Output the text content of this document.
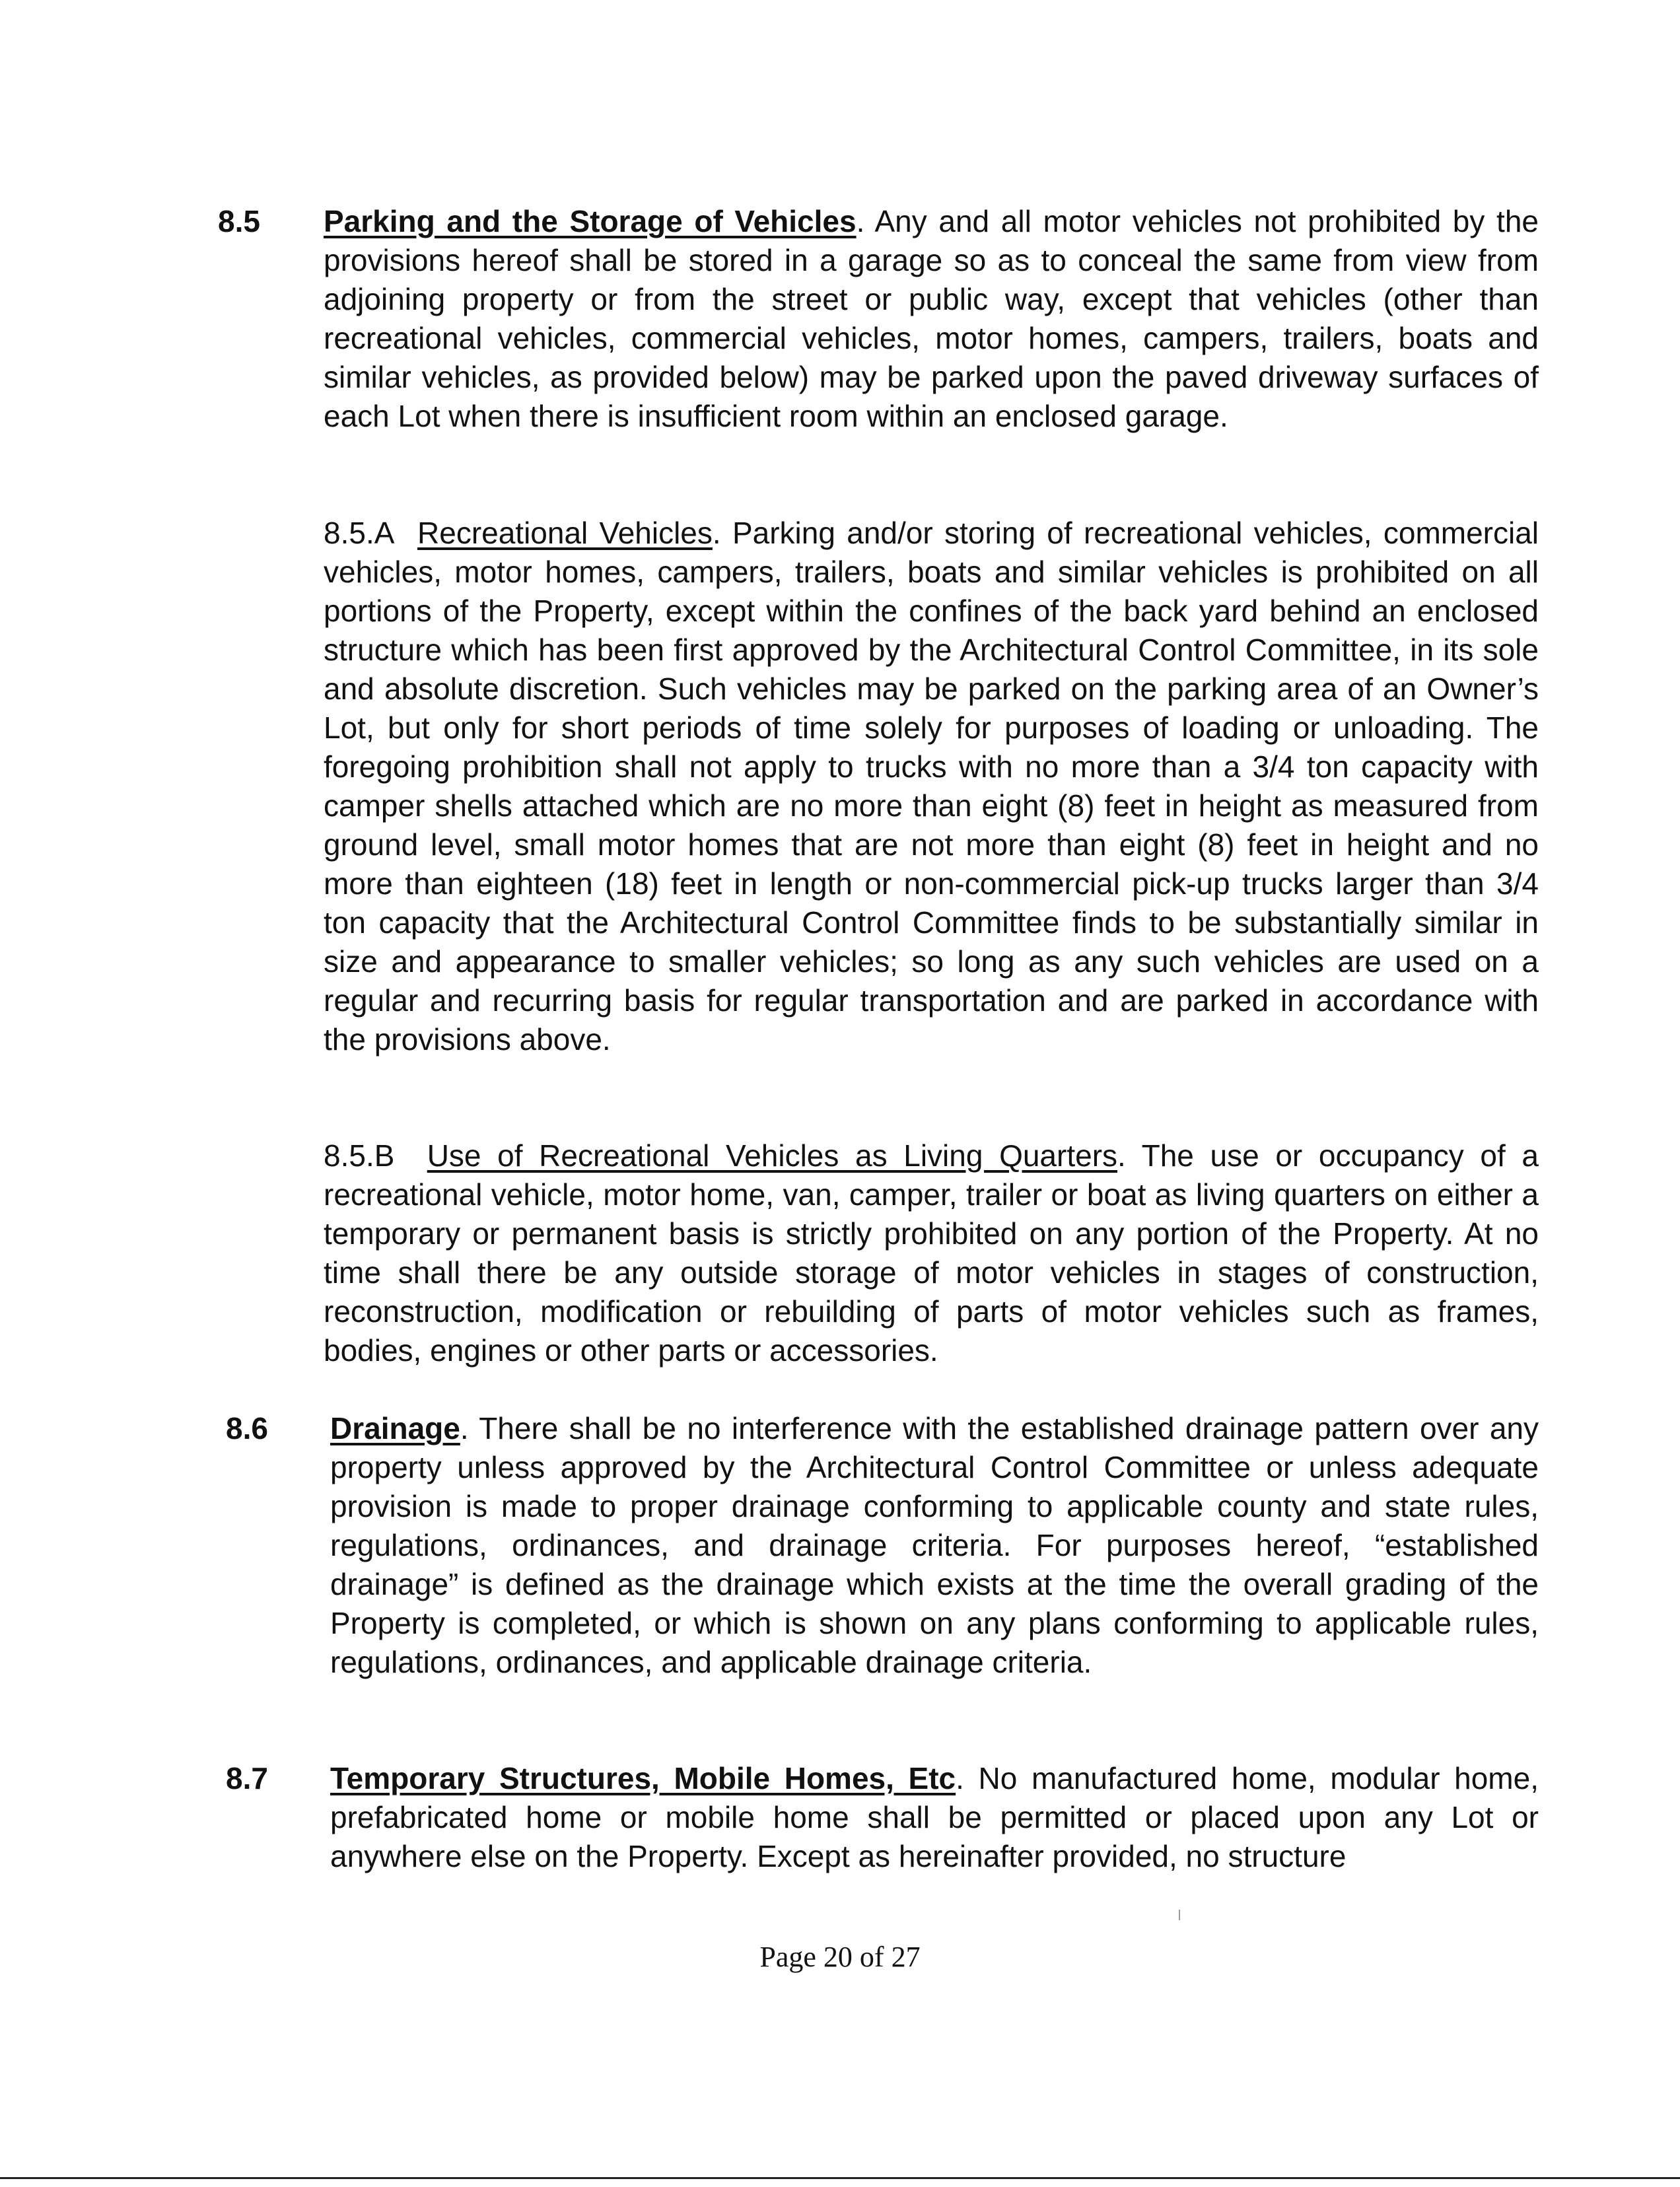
8.5 Parking and the Storage of Vehicles. Any and all motor vehicles not prohibited by the provisions hereof shall be stored in a garage so as to conceal the same from view from adjoining property or from the street or public way, except that vehicles (other than recreational vehicles, commercial vehicles, motor homes, campers, trailers, boats and similar vehicles, as provided below) may be parked upon the paved driveway surfaces of each Lot when there is insufficient room within an enclosed garage.
8.5.A Recreational Vehicles. Parking and/or storing of recreational vehicles, commercial vehicles, motor homes, campers, trailers, boats and similar vehicles is prohibited on all portions of the Property, except within the confines of the back yard behind an enclosed structure which has been first approved by the Architectural Control Committee, in its sole and absolute discretion. Such vehicles may be parked on the parking area of an Owner’s Lot, but only for short periods of time solely for purposes of loading or unloading. The foregoing prohibition shall not apply to trucks with no more than a 3/4 ton capacity with camper shells attached which are no more than eight (8) feet in height as measured from ground level, small motor homes that are not more than eight (8) feet in height and no more than eighteen (18) feet in length or non-commercial pick-up trucks larger than 3/4 ton capacity that the Architectural Control Committee finds to be substantially similar in size and appearance to smaller vehicles; so long as any such vehicles are used on a regular and recurring basis for regular transportation and are parked in accordance with the provisions above.
8.5.B Use of Recreational Vehicles as Living Quarters. The use or occupancy of a recreational vehicle, motor home, van, camper, trailer or boat as living quarters on either a temporary or permanent basis is strictly prohibited on any portion of the Property. At no time shall there be any outside storage of motor vehicles in stages of construction, reconstruction, modification or rebuilding of parts of motor vehicles such as frames, bodies, engines or other parts or accessories.
8.6 Drainage. There shall be no interference with the established drainage pattern over any property unless approved by the Architectural Control Committee or unless adequate provision is made to proper drainage conforming to applicable county and state rules, regulations, ordinances, and drainage criteria. For purposes hereof, “established drainage” is defined as the drainage which exists at the time the overall grading of the Property is completed, or which is shown on any plans conforming to applicable rules, regulations, ordinances, and applicable drainage criteria.
8.7 Temporary Structures, Mobile Homes, Etc. No manufactured home, modular home, prefabricated home or mobile home shall be permitted or placed upon any Lot or anywhere else on the Property. Except as hereinafter provided, no structure
Page 20 of 27
